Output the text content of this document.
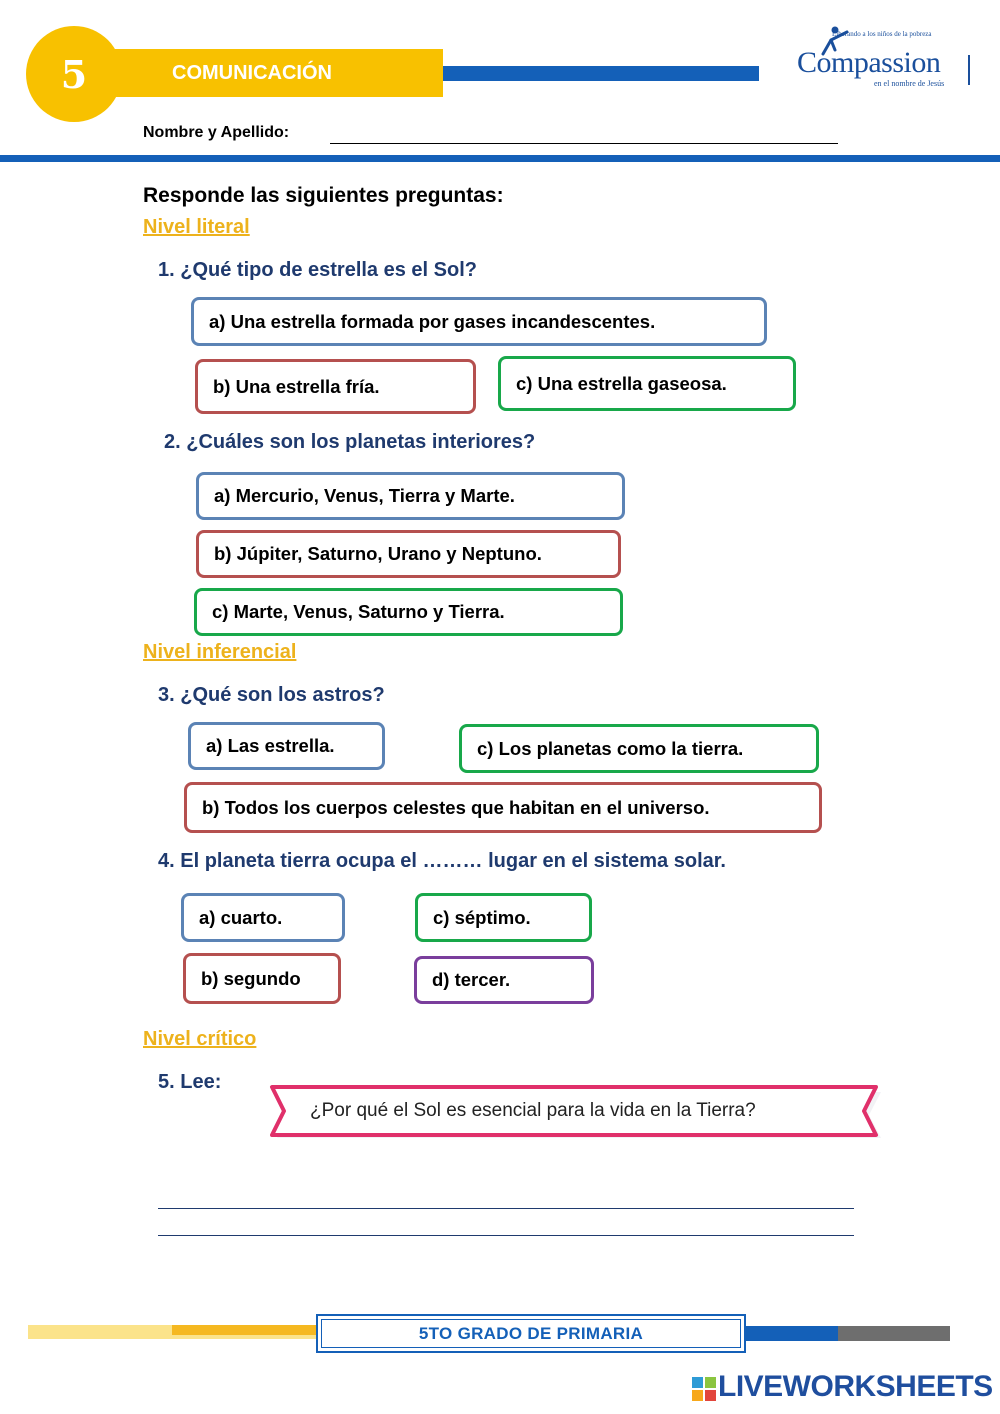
COMUNICACIÓN
5
Liberando a los niños de la pobreza
Compassion
en el nombre de Jesús
Nombre y Apellido:
Responde las siguientes preguntas:
Nivel literal
1. ¿Qué tipo de estrella es el Sol?
a) Una estrella formada por gases incandescentes.
b) Una estrella fría.	c) Una estrella gaseosa.
2. ¿Cuáles son los planetas interiores?
a) Mercurio, Venus, Tierra y Marte.
b) Júpiter, Saturno, Urano y Neptuno.
c) Marte, Venus, Saturno y Tierra.
Nivel inferencial
3. ¿Qué son los astros?
a) Las estrella.	c) Los planetas como la tierra.
b) Todos los cuerpos celestes que habitan en el universo.
4. El planeta tierra ocupa el ……… lugar en el sistema solar.
a) cuarto.	c) séptimo.
b) segundo	d) tercer.
Nivel crítico
5. Lee:
¿Por qué el Sol es esencial para la vida en la Tierra?
5TO GRADO DE PRIMARIA
LIVEWORKSHEETS
